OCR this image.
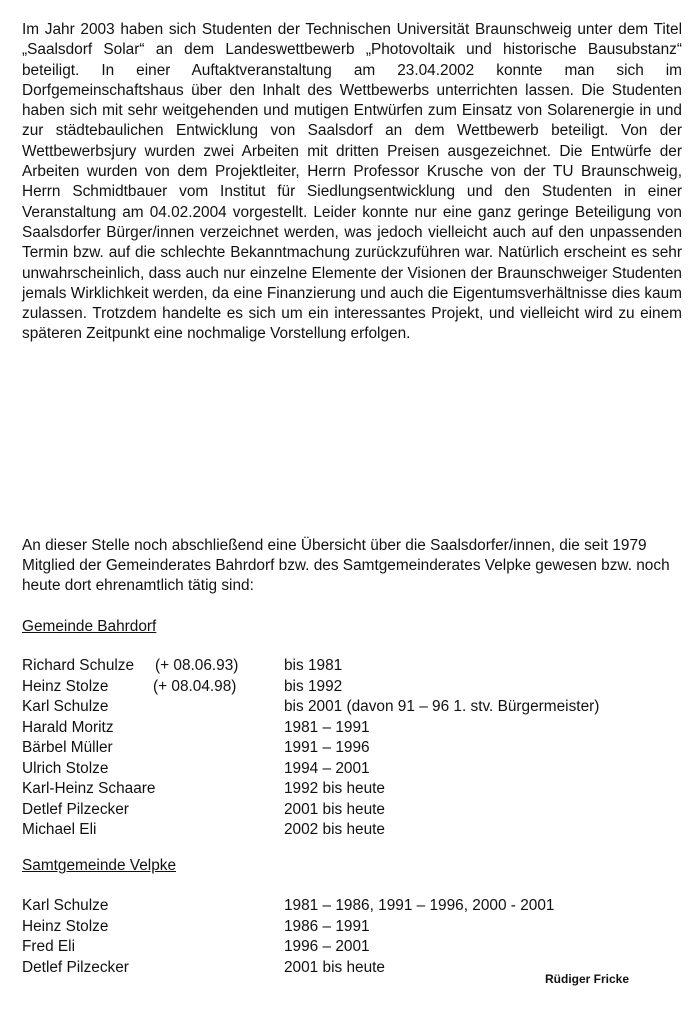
Im Jahr 2003 haben sich Studenten der Technischen Universität Braunschweig unter dem Titel „Saalsdorf Solar“ an dem Landeswettbewerb „Photovoltaik und historische Bausubstanz“ beteiligt. In einer Auftaktveranstaltung am 23.04.2002 konnte man sich im Dorfgemeinschaftshaus über den Inhalt des Wettbewerbs unterrichten lassen. Die Studenten haben sich mit sehr weitgehenden und mutigen Entwürfen zum Einsatz von Solarenergie in und zur städtebaulichen Entwicklung von Saalsdorf an dem Wettbewerb beteiligt. Von der Wettbewerbsjury wurden zwei Arbeiten mit dritten Preisen ausgezeichnet. Die Entwürfe der Arbeiten wurden von dem Projektleiter, Herrn Professor Krusche von der TU Braunschweig, Herrn Schmidtbauer vom Institut für Siedlungsentwicklung und den Studenten in einer Veranstaltung am 04.02.2004 vorgestellt. Leider konnte nur eine ganz geringe Beteiligung von Saalsdorfer Bürger/innen verzeichnet werden, was jedoch vielleicht auch auf den unpassenden Termin bzw. auf die schlechte Bekanntmachung zurückzuführen war. Natürlich erscheint es sehr unwahrscheinlich, dass auch nur einzelne Elemente der Visionen der Braunschweiger Studenten jemals Wirklichkeit werden, da eine Finanzierung und auch die Eigentumsverhältnisse dies kaum zulassen. Trotzdem handelte es sich um ein interessantes Projekt, und vielleicht wird zu einem späteren Zeitpunkt eine nochmalige Vorstellung erfolgen.

An dieser Stelle noch abschließend eine Übersicht über die Saalsdorfer/innen, die seit 1979 Mitglied der Gemeinderates Bahrdorf bzw. des Samtgemeinderates Velpke gewesen bzw. noch heute dort ehrenamtlich tätig sind:

Gemeinde Bahrdorf

Richard Schulze (+ 08.06.93)	bis 1981
Heinz Stolze	(+ 08.04.98)	bis 1992
Karl Schulze	bis 2001 (davon 91 – 96 1. stv. Bürgermeister)
Harald Moritz	1981 – 1991
Bärbel Müller	1991 – 1996
Ulrich Stolze	1994 – 2001
Karl-Heinz Schaare	1992 bis heute
Detlef Pilzecker	2001 bis heute
Michael Eli	2002 bis heute

Samtgemeinde Velpke

Karl Schulze	1981 – 1986, 1991 – 1996, 2000 - 2001
Heinz Stolze	1986 – 1991
Fred Eli	1996 – 2001
Detlef Pilzecker	2001 bis heute

Rüdiger Fricke
